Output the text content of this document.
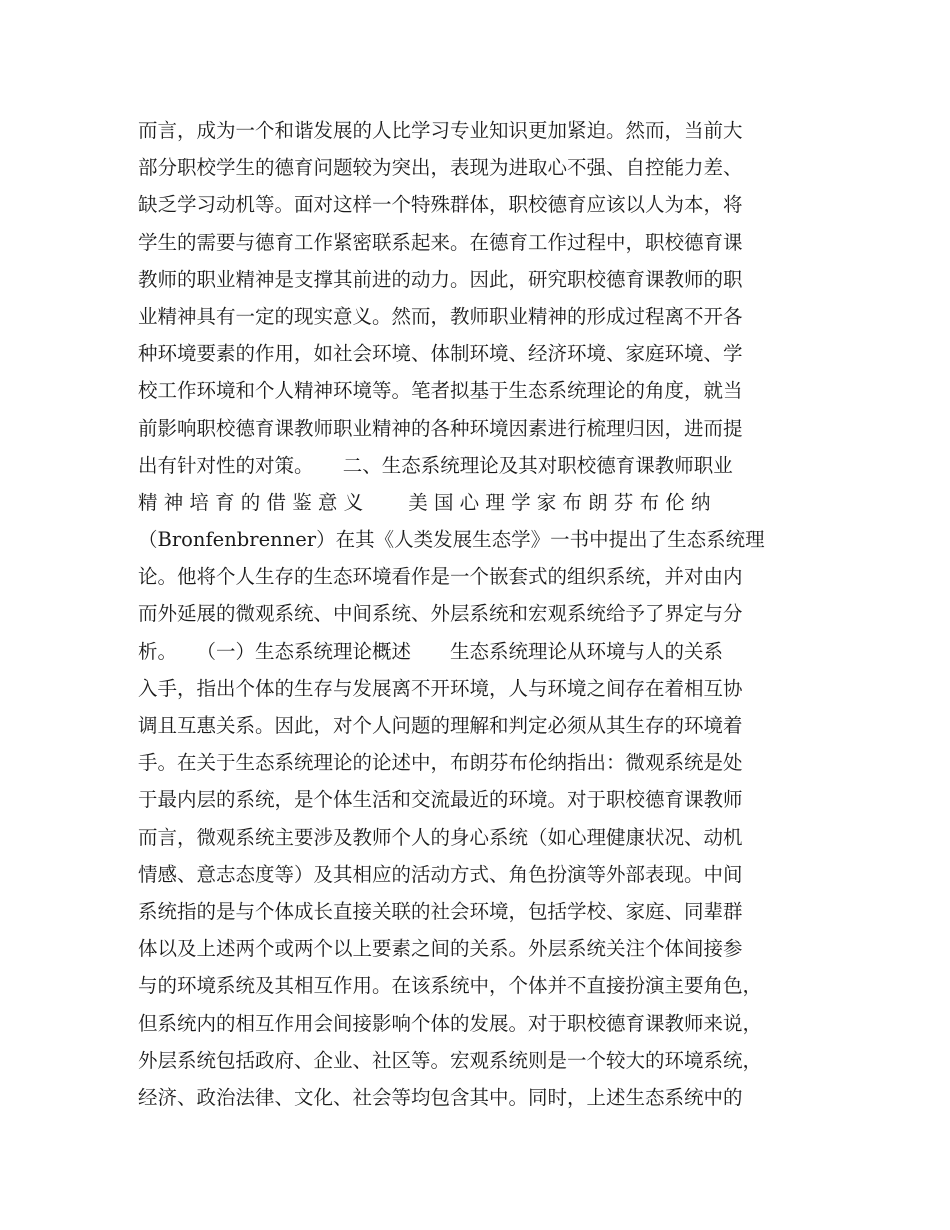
而言，成为一个和谐发展的人比学习专业知识更加紧迫。然而，当前大
部分职校学生的德育问题较为突出，表现为进取心不强、自控能力差、
缺乏学习动机等。面对这样一个特殊群体，职校德育应该以人为本，将
学生的需要与德育工作紧密联系起来。在德育工作过程中，职校德育课
教师的职业精神是支撑其前进的动力。因此，研究职校德育课教师的职
业精神具有一定的现实意义。然而，教师职业精神的形成过程离不开各
种环境要素的作用，如社会环境、体制环境、经济环境、家庭环境、学
校工作环境和个人精神环境等。笔者拟基于生态系统理论的角度，就当
前影响职校德育课教师职业精神的各种环境因素进行梳理归因，进而提
出有针对性的对策。　　二、生态系统理论及其对职校德育课教师职业
精 神 培 育 的 借 鉴 意 义　　 美 国 心 理 学 家 布 朗 芬 布 伦 纳
（Bronfenbrenner）在其《人类发展生态学》一书中提出了生态系统理
论。他将个人生存的生态环境看作是一个嵌套式的组织系统，并对由内
而外延展的微观系统、中间系统、外层系统和宏观系统给予了界定与分
析。　　（一）生态系统理论概述　　生态系统理论从环境与人的关系
入手，指出个体的生存与发展离不开环境，人与环境之间存在着相互协
调且互惠关系。因此，对个人问题的理解和判定必须从其生存的环境着
手。在关于生态系统理论的论述中，布朗芬布伦纳指出：微观系统是处
于最内层的系统，是个体生活和交流最近的环境。对于职校德育课教师
而言，微观系统主要涉及教师个人的身心系统（如心理健康状况、动机
情感、意志态度等）及其相应的活动方式、角色扮演等外部表现。中间
系统指的是与个体成长直接关联的社会环境，包括学校、家庭、同辈群
体以及上述两个或两个以上要素之间的关系。外层系统关注个体间接参
与的环境系统及其相互作用。在该系统中，个体并不直接扮演主要角色，
但系统内的相互作用会间接影响个体的发展。对于职校德育课教师来说，
外层系统包括政府、企业、社区等。宏观系统则是一个较大的环境系统，
经济、政治法律、文化、社会等均包含其中。同时，上述生态系统中的
